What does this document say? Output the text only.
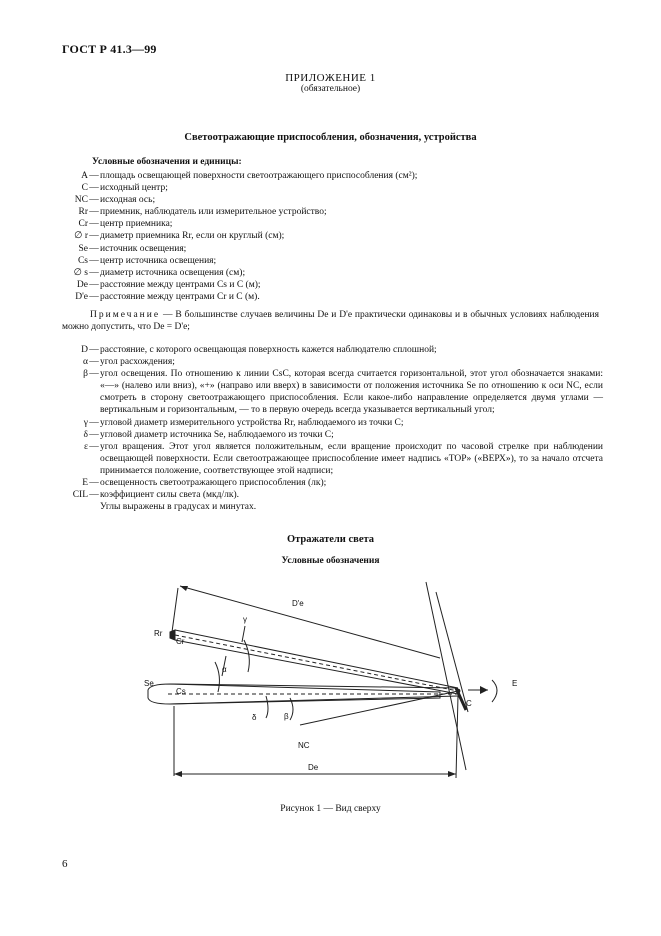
ГОСТ Р 41.3—99
ПРИЛОЖЕНИЕ 1
(обязательное)
Светоотражающие приспособления, обозначения, устройства
Условные обозначения и единицы:
A — площадь освещающей поверхности светоотражающего приспособления (см²);
C — исходный центр;
NC — исходная ось;
Rr — приемник, наблюдатель или измерительное устройство;
Cr — центр приемника;
∅ r — диаметр приемника Rr, если он круглый (см);
Se — источник освещения;
Cs — центр источника освещения;
∅ s — диаметр источника освещения (см);
De — расстояние между центрами Cs и C (м);
D'e — расстояние между центрами Cr и C (м).
Примечание — В большинстве случаев величины De и D'e практически одинаковы и в обычных условиях наблюдения можно допустить, что De = D'e;
D — расстояние, с которого освещающая поверхность кажется наблюдателю сплошной;
α — угол расхождения;
β — угол освещения. По отношению к линии CsC, которая всегда считается горизонтальной, этот угол обозначается знаками: «—» (налево или вниз), «+» (направо или вверх) в зависимости от положения источника Se по отношению к оси NC, если смотреть в сторону светоотражающего приспособления. Если какое-либо направление определяется двумя углами — вертикальным и горизонтальным, — то в первую очередь всегда указывается вертикальный угол;
γ — угловой диаметр измерительного устройства Rr, наблюдаемого из точки C;
δ — угловой диаметр источника Se, наблюдаемого из точки C;
ε — угол вращения. Этот угол является положительным, если вращение происходит по часовой стрелке при наблюдении освещающей поверхности. Если светоотражающее приспособление имеет надпись «TOP» («ВЕРХ»), то за начало отсчета принимается положение, соответствующее этой надписи;
E — освещенность светоотражающего приспособления (лк);
CIL — коэффициент силы света (мкд/лк).
Углы выражены в градусах и минутах.
Отражатели света
Условные обозначения
D'e
Rr
Cr
γ
α
Se
Cs
C
E
δ	β
NC
De
Рисунок 1 — Вид сверху
6
